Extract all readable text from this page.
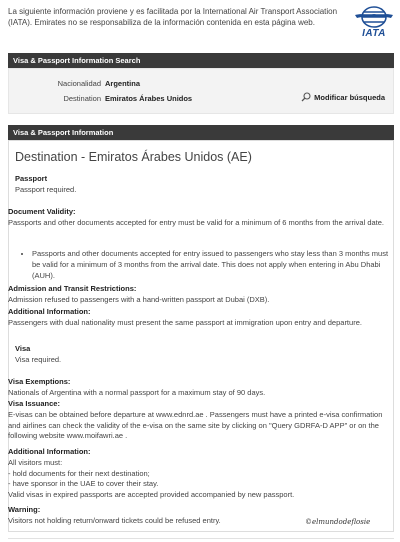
La siguiente información proviene y es facilitada por la International Air Transport Association (IATA). Emirates no se responsabiliza de la información contenida en esta página web.
IATA
Visa & Passport Information Search
Nacionalidad Argentina
Destination Emiratos Árabes Unidos	Modificar búsqueda
Visa & Passport Information
Destination - Emiratos Árabes Unidos (AE)
Passport
Passport required.
Document Validity:
Passports and other documents accepted for entry must be valid for a minimum of 6 months from the arrival date.
• Passports and other documents accepted for entry issued to passengers who stay less than 3 months must be valid for a minimum of 3 months from the arrival date. This does not apply when entering in Abu Dhabi (AUH).
Admission and Transit Restrictions:
Admission refused to passengers with a hand-written passport at Dubai (DXB).
Additional Information:
Passengers with dual nationality must present the same passport at immigration upon entry and departure.
Visa
Visa required.
Visa Exemptions:
Nationals of Argentina with a normal passport for a maximum stay of 90 days.
Visa Issuance:
E-visas can be obtained before departure at www.ednrd.ae . Passengers must have a printed e-visa confirmation and airlines can check the validity of the e-visa on the same site by clicking on "Query GDRFA-D APP" or on the following website www.moifawri.ae .
Additional Information:
All visitors must:
- hold documents for their next destination;
- have sponsor in the UAE to cover their stay.
Valid visas in expired passports are accepted provided accompanied by new passport.
Warning:
Visitors not holding return/onward tickets could be refused entry.	©elmundodeflosie
